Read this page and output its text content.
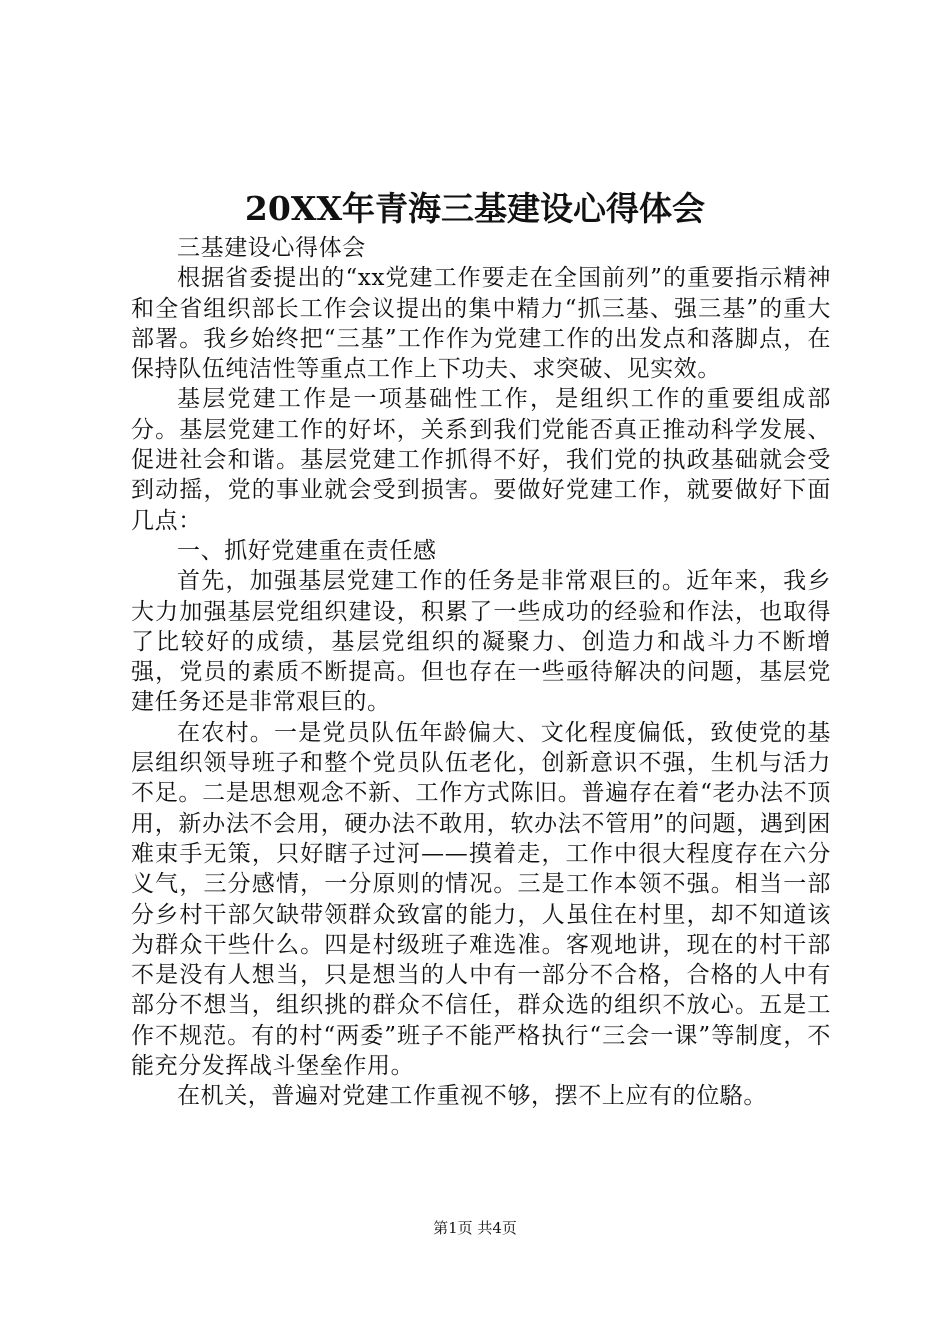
20XX年青海三基建设心得体会

三基建设心得体会

根据省委提出的“xx党建工作要走在全国前列”的重要指示精神和全省组织部长工作会议提出的集中精力“抓三基、强三基”的重大部署。我乡始终把“三基”工作作为党建工作的出发点和落脚点，在保持队伍纯洁性等重点工作上下功夫、求突破、见实效。

基层党建工作是一项基础性工作，是组织工作的重要组成部分。基层党建工作的好坏，关系到我们党能否真正推动科学发展、促进社会和谐。基层党建工作抓得不好，我们党的执政基础就会受到动摇，党的事业就会受到损害。要做好党建工作，就要做好下面几点：

一、抓好党建重在责任感

首先，加强基层党建工作的任务是非常艰巨的。近年来，我乡大力加强基层党组织建设，积累了一些成功的经验和作法，也取得了比较好的成绩，基层党组织的凝聚力、创造力和战斗力不断增强，党员的素质不断提高。但也存在一些亟待解决的问题，基层党建任务还是非常艰巨的。

在农村。一是党员队伍年龄偏大、文化程度偏低，致使党的基层组织领导班子和整个党员队伍老化，创新意识不强，生机与活力不足。二是思想观念不新、工作方式陈旧。普遍存在着“老办法不顶用，新办法不会用，硬办法不敢用，软办法不管用”的问题，遇到困难束手无策，只好瞎子过河——摸着走，工作中很大程度存在六分义气，三分感情，一分原则的情况。三是工作本领不强。相当一部分乡村干部欠缺带领群众致富的能力，人虽住在村里，却不知道该为群众干些什么。四是村级班子难选准。客观地讲，现在的村干部不是没有人想当，只是想当的人中有一部分不合格，合格的人中有部分不想当，组织挑的群众不信任，群众选的组织不放心。五是工作不规范。有的村“两委”班子不能严格执行“三会一课”等制度，不能充分发挥战斗堡垒作用。

在机关，普遍对党建工作重视不够，摆不上应有的位駱。

第1页 共4页
